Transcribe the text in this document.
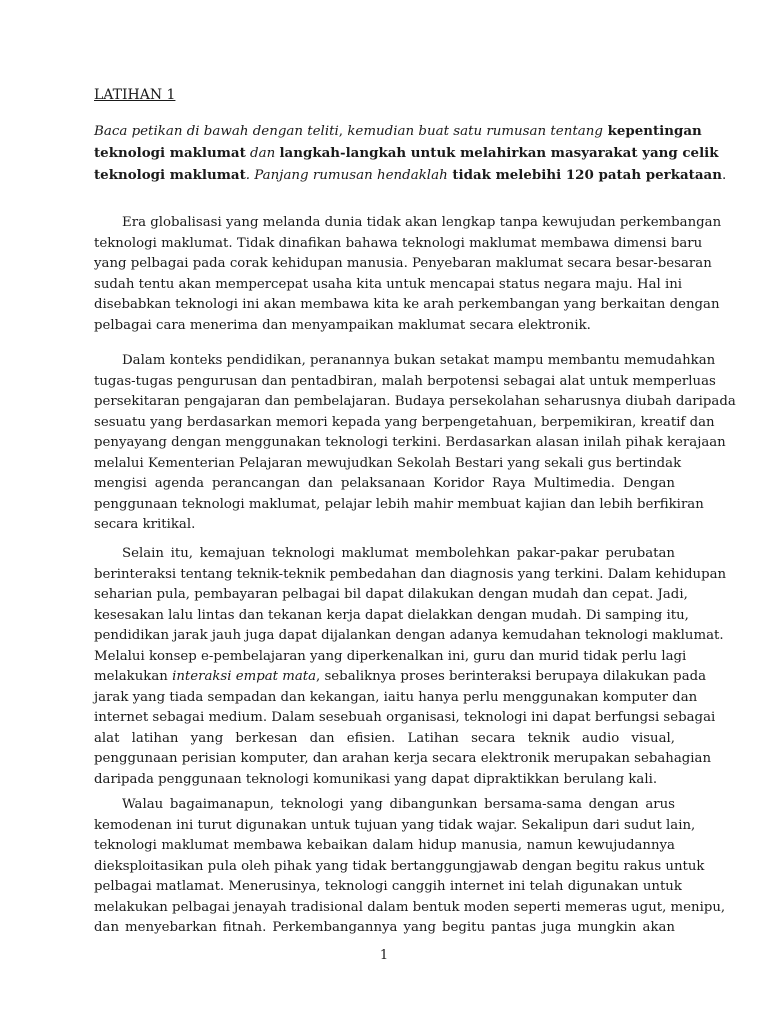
LATIHAN 1
Baca petikan di bawah dengan teliti, kemudian buat satu rumusan tentang kepentingan
teknologi maklumat dan langkah-langkah untuk melahirkan masyarakat yang celik
teknologi maklumat. Panjang rumusan hendaklah tidak melebihi 120 patah perkataan.
Era globalisasi yang melanda dunia tidak akan lengkap tanpa kewujudan perkembangan
teknologi maklumat. Tidak dinafikan bahawa teknologi maklumat membawa dimensi baru
yang pelbagai pada corak kehidupan manusia. Penyebaran maklumat secara besar-besaran
sudah tentu akan mempercepat usaha kita untuk mencapai status negara maju. Hal ini
disebabkan teknologi ini akan membawa kita ke arah perkembangan yang berkaitan dengan
pelbagai cara menerima dan menyampaikan maklumat secara elektronik.
Dalam konteks pendidikan, peranannya bukan setakat mampu membantu memudahkan
tugas-tugas pengurusan dan pentadbiran, malah berpotensi sebagai alat untuk memperluas
persekitaran pengajaran dan pembelajaran. Budaya persekolahan seharusnya diubah daripada
sesuatu yang berdasarkan memori kepada yang berpengetahuan, berpemikiran, kreatif dan
penyayang dengan menggunakan teknologi terkini. Berdasarkan alasan inilah pihak kerajaan
melalui Kementerian Pelajaran mewujudkan Sekolah Bestari yang sekali gus bertindak
mengisi agenda perancangan dan pelaksanaan Koridor Raya Multimedia. Dengan
penggunaan teknologi maklumat, pelajar lebih mahir membuat kajian dan lebih berfikiran
secara kritikal.
Selain itu, kemajuan teknologi maklumat membolehkan pakar-pakar perubatan
berinteraksi tentang teknik-teknik pembedahan dan diagnosis yang terkini. Dalam kehidupan
seharian pula, pembayaran pelbagai bil dapat dilakukan dengan mudah dan cepat. Jadi,
kesesakan lalu lintas dan tekanan kerja dapat dielakkan dengan mudah. Di samping itu,
pendidikan jarak jauh juga dapat dijalankan dengan adanya kemudahan teknologi maklumat.
Melalui konsep e-pembelajaran yang diperkenalkan ini, guru dan murid tidak perlu lagi
melakukan interaksi empat mata, sebaliknya proses berinteraksi berupaya dilakukan pada
jarak yang tiada sempadan dan kekangan, iaitu hanya perlu menggunakan komputer dan
internet sebagai medium. Dalam sesebuah organisasi, teknologi ini dapat berfungsi sebagai
alat latihan yang berkesan dan efisien. Latihan secara teknik audio visual,
penggunaan perisian komputer, dan arahan kerja secara elektronik merupakan sebahagian
daripada penggunaan teknologi komunikasi yang dapat dipraktikkan berulang kali.
Walau bagaimanapun, teknologi yang dibangunkan bersama-sama dengan arus
kemodenan ini turut digunakan untuk tujuan yang tidak wajar. Sekalipun dari sudut lain,
teknologi maklumat membawa kebaikan dalam hidup manusia, namun kewujudannya
dieksploitasikan pula oleh pihak yang tidak bertanggungjawab dengan begitu rakus untuk
pelbagai matlamat. Menerusinya, teknologi canggih internet ini telah digunakan untuk
melakukan pelbagai jenayah tradisional dalam bentuk moden seperti memeras ugut, menipu,
dan menyebarkan fitnah. Perkembangannya yang begitu pantas juga mungkin akan
1
